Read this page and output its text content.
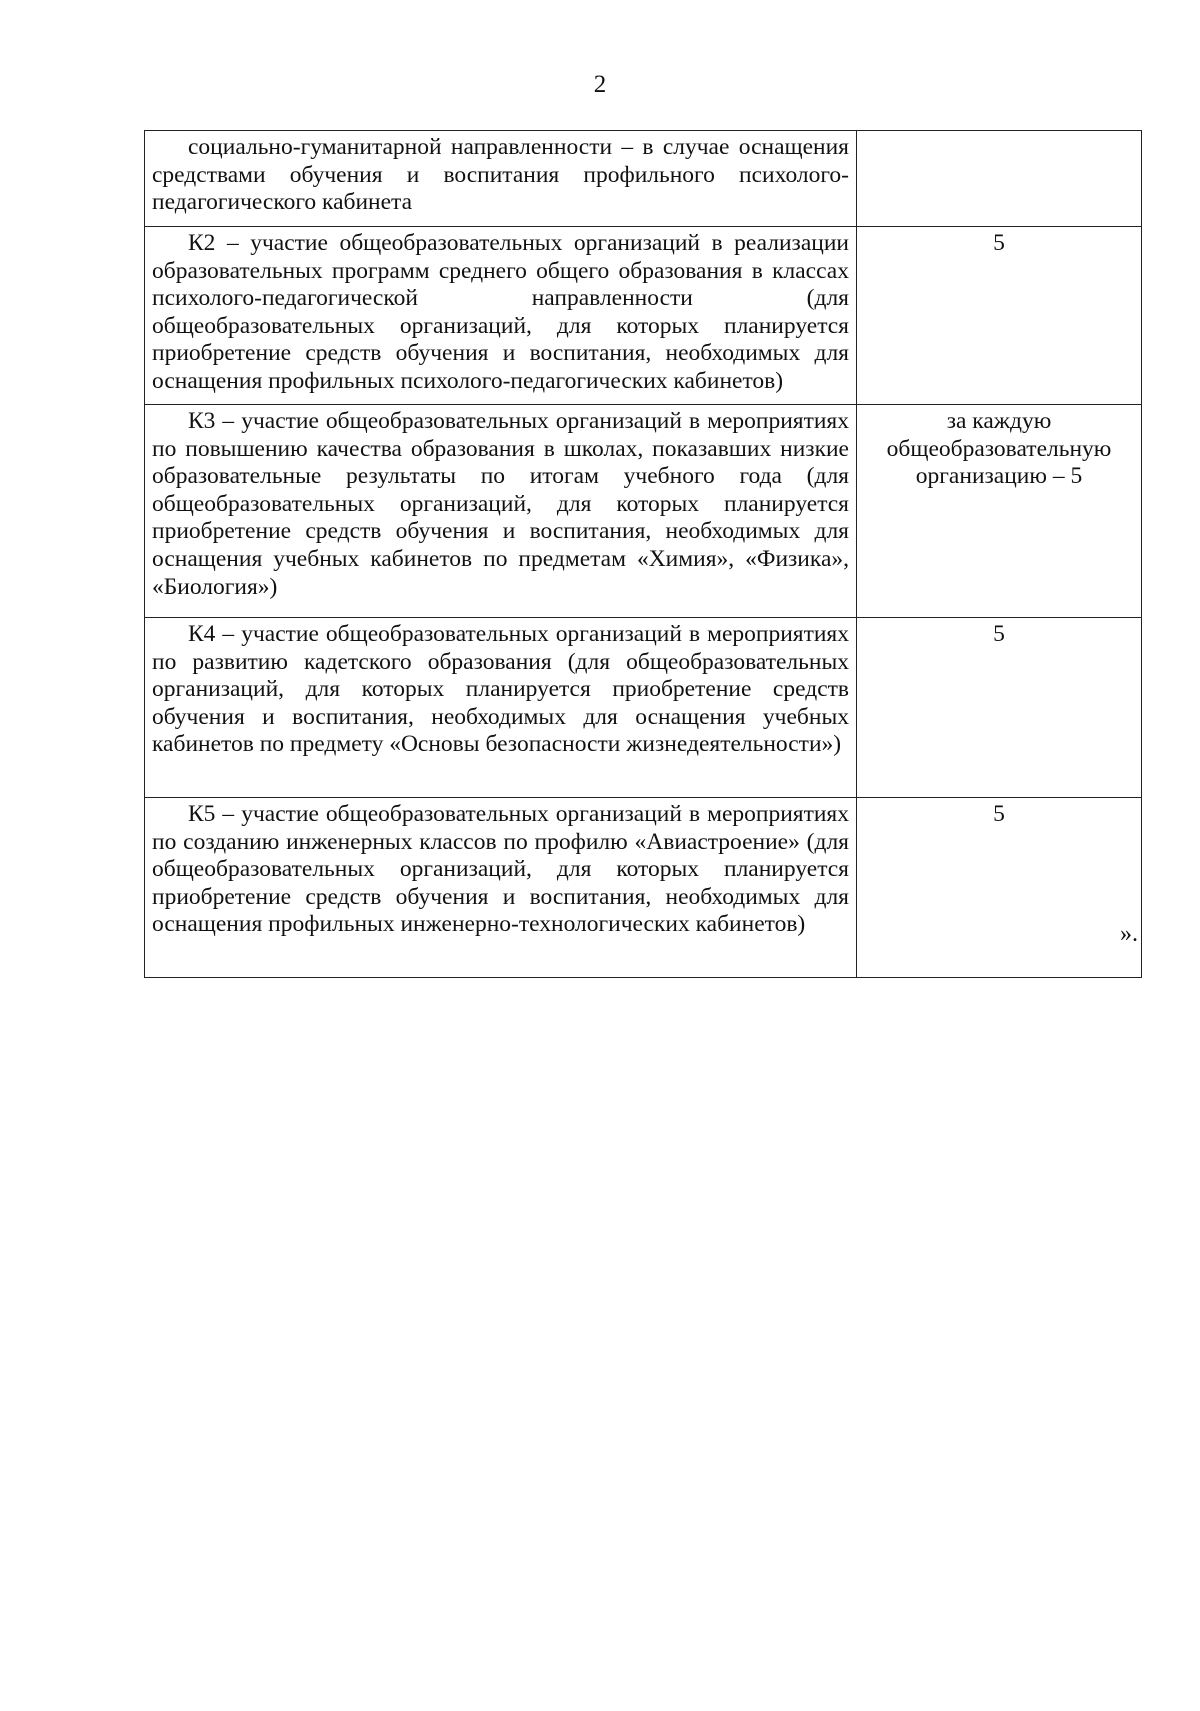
2
социально-гуманитарной направленности – в случае оснащения средствами обучения и воспитания профильного психолого-педагогического кабинета	

К2 – участие общеобразовательных организаций в реализации образовательных программ среднего общего образования в классах психолого-педагогической направленности (для общеобразовательных организаций, для которых планируется приобретение средств обучения и воспитания, необходимых для оснащения профильных психолого-педагогических кабинетов)	5

К3 – участие общеобразовательных организаций в мероприятиях по повышению качества образования в школах, показавших низкие образовательные результаты по итогам учебного года (для общеобразовательных организаций, для которых планируется приобретение средств обучения и воспитания, необходимых для оснащения учебных кабинетов по предметам «Химия», «Физика», «Биология»)	за каждую общеобразовательную организацию – 5

К4 – участие общеобразовательных организаций в мероприятиях по развитию кадетского образования (для общеобразовательных организаций, для которых планируется приобретение средств обучения и воспитания, необходимых для оснащения учебных кабинетов по предмету «Основы безопасности жизнедеятельности»)	5

К5 – участие общеобразовательных организаций в мероприятиях по созданию инженерных классов по профилю «Авиастроение» (для общеобразовательных организаций, для которых планируется приобретение средств обучения и воспитания, необходимых для оснащения профильных инженерно-технологических кабинетов)	5
».
